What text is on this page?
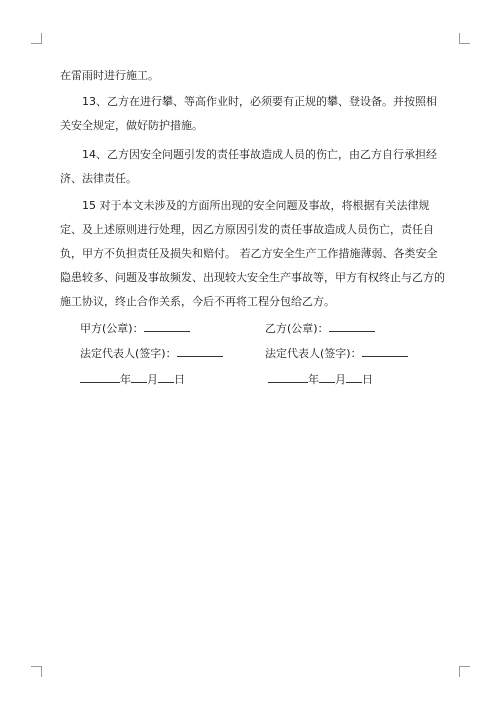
在雷雨时进行施工。

13、乙方在进行攀、等高作业时，必须要有正规的攀、登设备。并按照相关安全规定，做好防护措施。

14、乙方因安全问题引发的责任事故造成人员的伤亡，由乙方自行承担经济、法律责任。

15 对于本文未涉及的方面所出现的安全问题及事故，将根据有关法律规定、及上述原则进行处理，因乙方原因引发的责任事故造成人员伤亡，责任自负，甲方不负担责任及损失和赔付。 若乙方安全生产工作措施薄弱、各类安全隐患较多、问题及事故频发、出现较大安全生产事故等，甲方有权终止与乙方的施工协议，终止合作关系，今后不再将工程分包给乙方。

甲方(公章)：	乙方(公章)：
法定代表人(签字)：	法定代表人(签字)：
年 月 日	年 月 日
